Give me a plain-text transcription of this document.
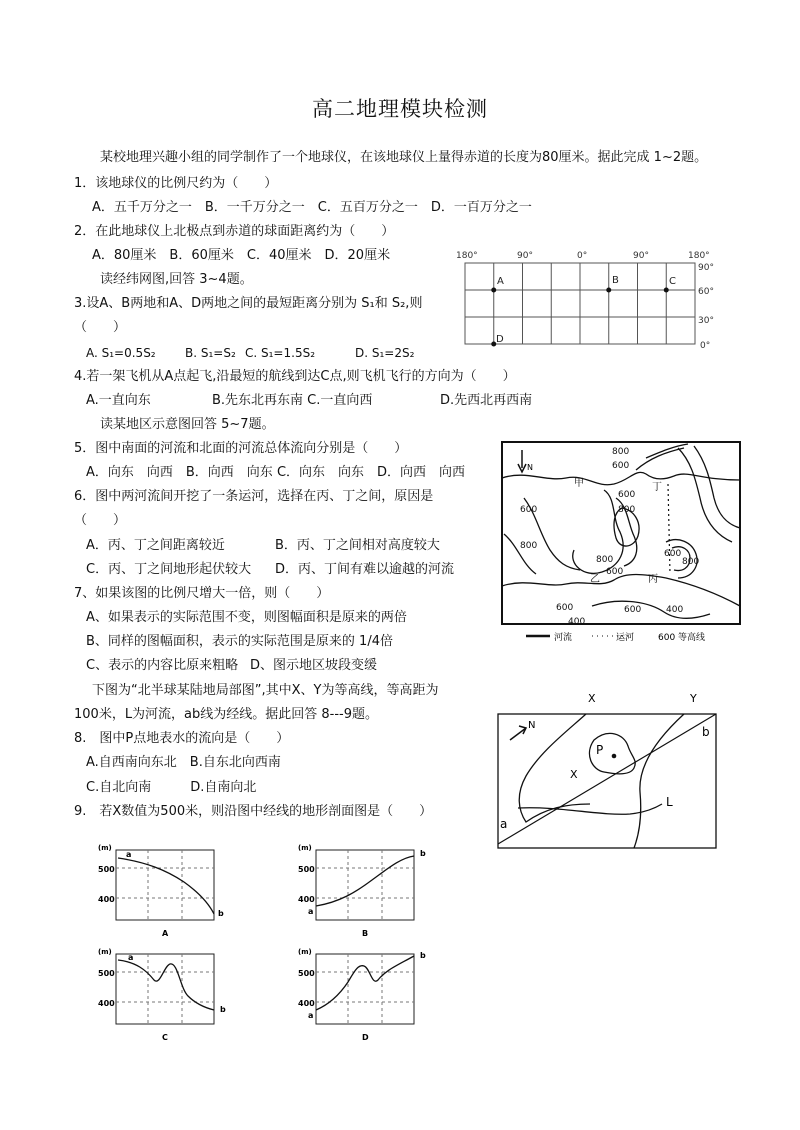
高二地理模块检测
某校地理兴趣小组的同学制作了一个地球仪，在该地球仪上量得赤道的长度为80厘米。据此完成 1~2题。
1．该地球仪的比例尺约为（　　）
A．五千万分之一　B．一千万分之一　C．五百万分之一　D．一百万分之一
2．在此地球仪上北极点到赤道的球面距离约为（　　）
A．80厘米　B．60厘米　C．40厘米　D．20厘米
读经纬网图,回答 3~4题。
3.设A、B两地和A、D两地之间的最短距离分别为 S₁和 S₂,则
（　　）
A. S₁=0.5S₂ B. S₁=S₂ C. S₁=1.5S₂	D. S₁=2S₂
4.若一架飞机从A点起飞,沿最短的航线到达C点,则飞机飞行的方向为（　　）
A.一直向东	B.先东北再东南 C.一直向西	D.先西北再西南
读某地区示意图回答 5~7题。
5．图中南面的河流和北面的河流总体流向分别是（　　）
A．向东　向西　B．向西　向东 C．向东　向东　D．向西　向西
6．图中两河流间开挖了一条运河，选择在丙、丁之间，原因是
（　　）
A．丙、丁之间距离较近	B．丙、丁之间相对高度较大
C．丙、丁之间地形起伏较大 D．丙、丁间有难以逾越的河流
7、如果该图的比例尺增大一倍，则（　　）
A、如果表示的实际范围不变，则图幅面积是原来的两倍
B、同样的图幅面积，表示的实际范围是原来的 1/4倍
C、表示的内容比原来粗略 D、图示地区坡段变缓
下图为“北半球某陆地局部图”,其中X、Y为等高线，等高距为
100米，L为河流，ab线为经线。据此回答 8---9题。
8.　图中P点地表水的流向是（　　）
A.自西南向东北　B.自东北向西南
C.自北向南　　　D.自南向北
9.　若X数值为500米，则沿图中经线的地形剖面图是（　　）
180°	90°	0°	90°	180°
90°
60°
30°
0°
A	B	C
D
N
800
600
600
800
600
800
800
600
600
800
600
400
600	400
甲	丁
乙	丙
河流	运河	600 等高线
X	Y
N
P
X
L
a
b
(m)
500
400
a
b
A
(m)
500
400
a
b
B
(m)
500
400
a
b
C
(m)
500
400
a
b
D
